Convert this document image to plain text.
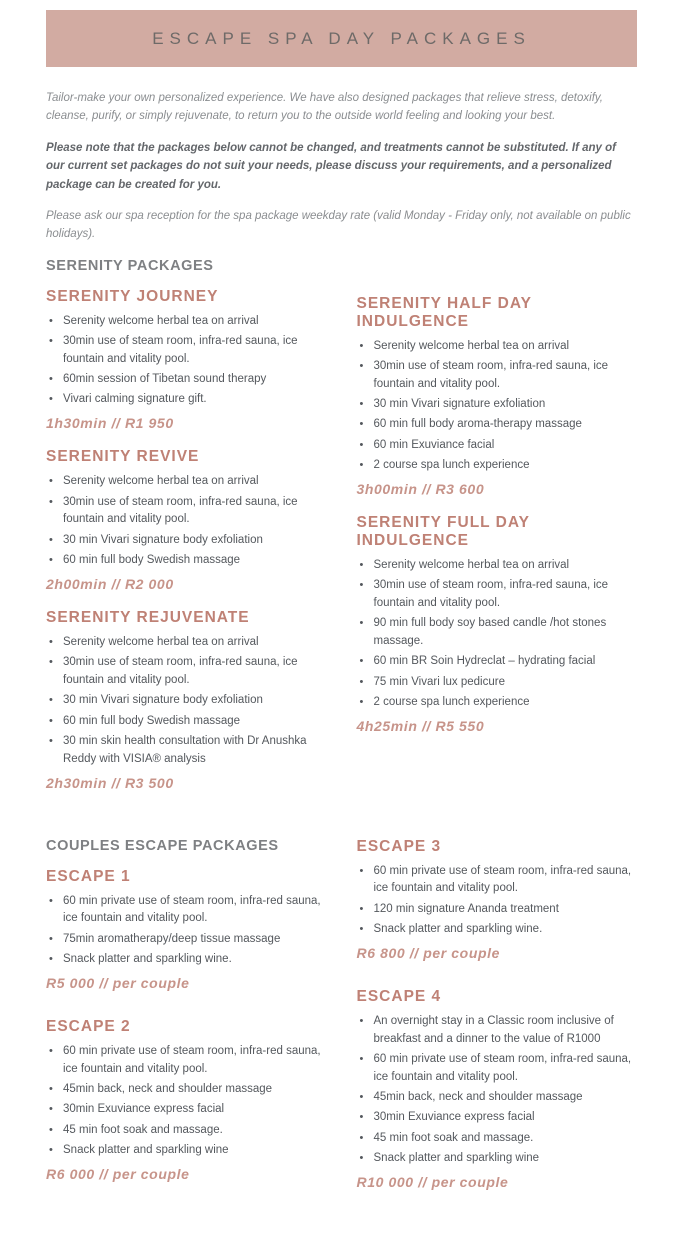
ESCAPE SPA DAY PACKAGES

Tailor-make your own personalized experience. We have also designed packages that relieve stress, detoxify, cleanse, purify, or simply rejuvenate, to return you to the outside world feeling and looking your best.

Please note that the packages below cannot be changed, and treatments cannot be substituted. If any of our current set packages do not suit your needs, please discuss your requirements, and a personalized package can be created for you.

Please ask our spa reception for the spa package weekday rate (valid Monday - Friday only, not available on public holidays).

SERENITY PACKAGES
SERENITY JOURNEY
• Serenity welcome herbal tea on arrival
• 30min use of steam room, infra-red sauna, ice fountain and vitality pool.
• 60min session of Tibetan sound therapy
• Vivari calming signature gift.
1h30min // R1 950
SERENITY REVIVE
• Serenity welcome herbal tea on arrival
• 30min use of steam room, infra-red sauna, ice fountain and vitality pool.
• 30 min Vivari signature body exfoliation
• 60 min full body Swedish massage
2h00min // R2 000
SERENITY REJUVENATE
• Serenity welcome herbal tea on arrival
• 30min use of steam room, infra-red sauna, ice fountain and vitality pool.
• 30 min Vivari signature body exfoliation
• 60 min full body Swedish massage
• 30 min skin health consultation with Dr Anushka Reddy with VISIA® analysis
2h30min // R3 500
SERENITY HALF DAY INDULGENCE
• Serenity welcome herbal tea on arrival
• 30min use of steam room, infra-red sauna, ice fountain and vitality pool.
• 30 min Vivari signature exfoliation
• 60 min full body aroma-therapy massage
• 60 min Exuviance facial
• 2 course spa lunch experience
3h00min // R3 600
SERENITY FULL DAY INDULGENCE
• Serenity welcome herbal tea on arrival
• 30min use of steam room, infra-red sauna, ice fountain and vitality pool.
• 90 min full body soy based candle /hot stones massage.
• 60 min BR Soin Hydreclat – hydrating facial
• 75 min Vivari lux pedicure
• 2 course spa lunch experience
4h25min // R5 550
COUPLES ESCAPE PACKAGES
ESCAPE 1
• 60 min private use of steam room, infra-red sauna, ice fountain and vitality pool.
• 75min aromatherapy/deep tissue massage
• Snack platter and sparkling wine.
R5 000 // per couple
ESCAPE 2
• 60 min private use of steam room, infra-red sauna, ice fountain and vitality pool.
• 45min back, neck and shoulder massage
• 30min Exuviance express facial
• 45 min foot soak and massage.
• Snack platter and sparkling wine
R6 000 // per couple
ESCAPE 3
• 60 min private use of steam room, infra-red sauna, ice fountain and vitality pool.
• 120 min signature Ananda treatment
• Snack platter and sparkling wine.
R6 800 // per couple
ESCAPE 4
• An overnight stay in a Classic room inclusive of breakfast and a dinner to the value of R1000
• 60 min private use of steam room, infra-red sauna, ice fountain and vitality pool.
• 45min back, neck and shoulder massage
• 30min Exuviance express facial
• 45 min foot soak and massage.
• Snack platter and sparkling wine
R10 000 // per couple
